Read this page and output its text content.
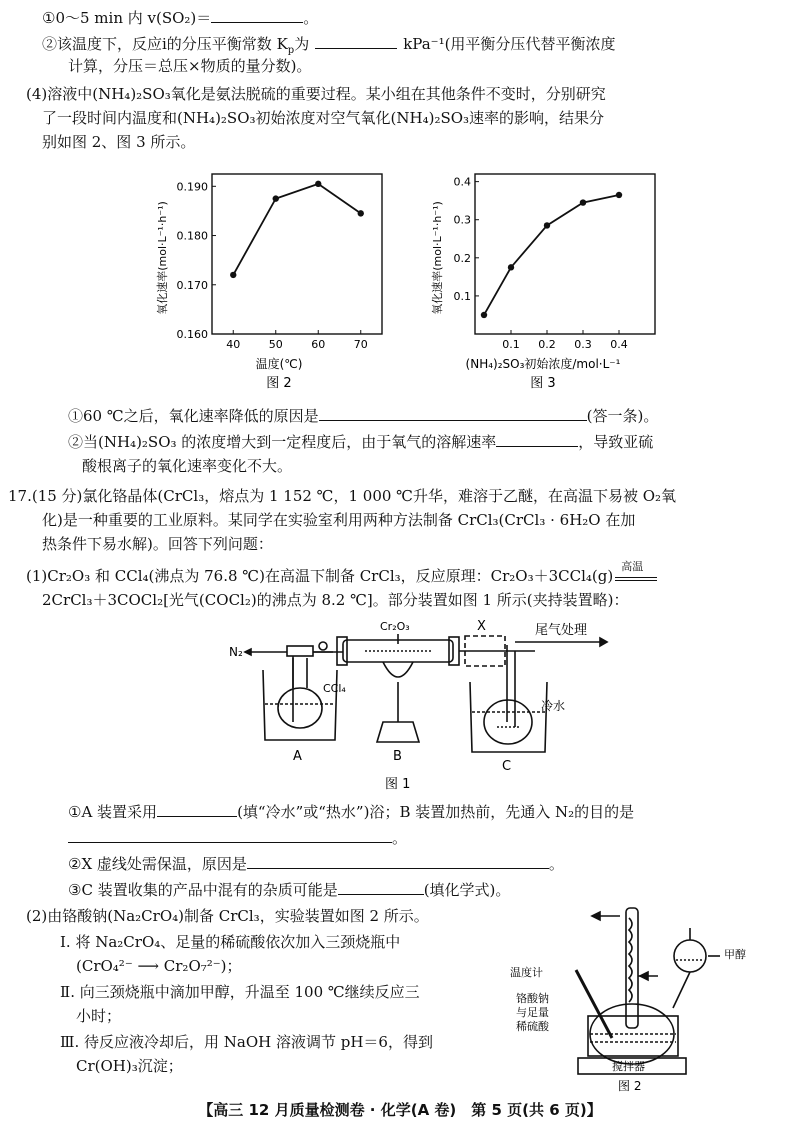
①0～5 min 内 v(SO₂)＝	。
②该温度下，反应ⅰ的分压平衡常数 $K_p$为	kPa⁻¹(用平衡分压代替平衡浓度
计算，分压＝总压×物质的量分数)。
(4)溶液中(NH₄)₂SO₃氧化是氨法脱硫的重要过程。某小组在其他条件不变时，分别研究
了一段时间内温度和(NH₄)₂SO₃初始浓度对空气氧化(NH₄)₂SO₃速率的影响，结果分
别如图 2、图 3 所示。
40	50	60	70
0.160
0.170
0.180
0.190
温度(℃)
图 2
氧化速率(mol·L⁻¹·h⁻¹)
0.1 0.2 0.3 0.4
0.1
0.2
0.3
0.4
(NH₄)₂SO₃初始浓度/mol·L⁻¹
图 3
氧化速率(mol·L⁻¹·h⁻¹)
①60 ℃之后，氧化速率降低的原因是	(答一条)。
②当(NH₄)₂SO₃ 的浓度增大到一定程度后，由于氧气的溶解速率	，导致亚硫
酸根离子的氧化速率变化不大。
17.(15 分)氯化铬晶体(CrCl₃，熔点为 1 152 ℃，1 000 ℃升华，难溶于乙醚，在高温下易被 O₂氧
化)是一种重要的工业原料。某同学在实验室利用两种方法制备 CrCl₃(CrCl₃ · 6H₂O 在加
热条件下易水解)。回答下列问题：
(1)Cr₂O₃ 和 CCl₄(沸点为 76.8 ℃)在高温下制备 CrCl₃，反应原理：Cr₂O₃＋3CCl₄(g)
高温
2CrCl₃＋3COCl₂[光气(COCl₂)的沸点为 8.2 ℃]。部分装置如图 1 所示(夹持装置略)：
N₂
Cr₂O₃	X	尾气处理
CCl₄
冷水
A	B
C
图 1
①A 装置采用	(填“冷水”或“热水”)浴；B 装置加热前，先通入 N₂的目的是
。
②X 虚线处需保温，原因是	。
③C 装置收集的产品中混有的杂质可能是	(填化学式)。
(2)由铬酸钠(Na₂CrO₄)制备 CrCl₃，实验装置如图 2 所示。
Ⅰ. 将 Na₂CrO₄、足量的稀硫酸依次加入三颈烧瓶中
(CrO₄²⁻ ⟶ Cr₂O₇²⁻)；
Ⅱ. 向三颈烧瓶中滴加甲醇，升温至 100 ℃继续反应三
小时；
Ⅲ. 待反应液冷却后，用 NaOH 溶液调节 pH＝6，得到
Cr(OH)₃沉淀；
温度计
甲醇
铬酸钠
与足量
稀硫酸
搅拌器
图 2
【高三 12 月质量检测卷 · 化学(A 卷)　第 5 页(共 6 页)】
